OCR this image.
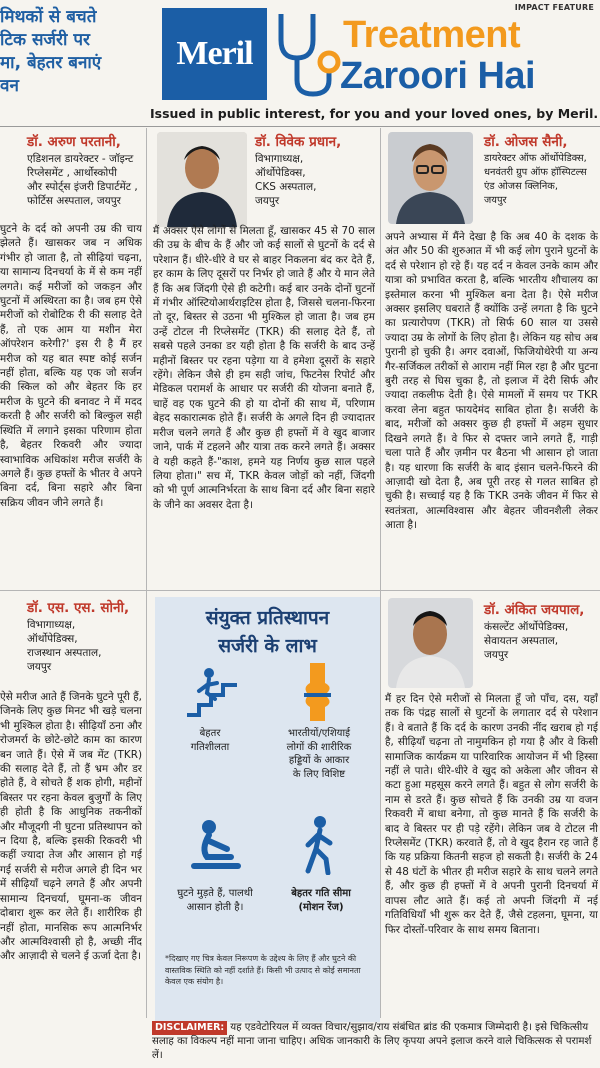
IMPACT FEATURE
मिथकों से बचते
टिक सर्जरी पर
मा, बेहतर बनाएं
वन
Meril	Treatment
Zaroori Hai
Issued in public interest, for you and your loved ones, by Meril.
डॉ. अरुण परतानी,
एडिशनल डायरेक्टर - जॉइन्ट
रिप्लेसमेंट , आर्थोस्कोपी
और स्पोर्ट्स इंजरी डिपार्टमेंट ,
फोर्टिस अस्पताल, जयपुर
घुटने के दर्द को अपनी उम्र की चाय झेलते हैं। खासकर जब न अधिक गंभीर हो जाता है, तो सीढ़ियां चढ़ना, या सामान्य दिनचर्या के में से कम नहीं लगते। कई मरीजों को जकड़न और घुटनों में अस्थिरता का है। जब हम ऐसे मरीजों को रोबोटिक री की सलाह देते हैं, तो एक आम या मशीन मेरा ऑपरेशन करेगी?' इस री है मैं हर मरीज को यह बात स्पष्ट कोई सर्जन नहीं होता, बल्कि यह एक जो सर्जन की स्किल को और बेहतर कि हर मरीज के घुटने की बनावट ने में मदद करती है और सर्जरी को बिल्कुल सही स्थिति में लगाने इसका परिणाम होता है, बेहतर रिकवरी और ज्यादा स्वाभाविक अधिकांश मरीज सर्जरी के अगले हैं। कुछ हफ्तों के भीतर वे अपने बिना दर्द, बिना सहारे और बिना सक्रिय जीवन जीने लगते हैं।
डॉ. विवेक प्रधान,
विभागाध्यक्ष,
ऑर्थोपेडिक्स,
CKS अस्पताल,
जयपुर
मैं अक्सर ऐसे लोगों से मिलता हूँ, खासकर 45 से 70 साल की उम्र के बीच के हैं और जो कई सालों से घुटनों के दर्द से परेशान हैं। धीरे-धीरे वे घर से बाहर निकलना बंद कर देते हैं, हर काम के लिए दूसरों पर निर्भर हो जाते हैं और ये मान लेते हैं कि अब जिंदगी ऐसे ही कटेगी। कई बार उनके दोनों घुटनों में गंभीर ऑस्टियोआर्थराइटिस होता है, जिससे चलना-फिरना तो दूर, बिस्तर से उठना भी मुश्किल हो जाता है। जब हम उन्हें टोटल नी रिप्लेसमेंट (TKR) की सलाह देते हैं, तो सबसे पहले उनका डर यही होता है कि सर्जरी के बाद उन्हें महीनों बिस्तर पर रहना पड़ेगा या वे हमेशा दूसरों के सहारे रहेंगे। लेकिन जैसे ही हम सही जांच, फिटनेस रिपोर्ट और मेडिकल परामर्श के आधार पर सर्जरी की योजना बनाते हैं, चाहें वह एक घुटने की हो या दोनों की साथ में, परिणाम बेहद सकारात्मक होते हैं। सर्जरी के अगले दिन ही ज्यादातर मरीज चलने लगते हैं और कुछ ही हफ्तों में वे खुद बाजार जाने, पार्क में टहलने और यात्रा तक करने लगते हैं। अक्सर वे यही कहते हैं-"काश, हमने यह निर्णय कुछ साल पहले लिया होता।" सच में, TKR केवल जोड़ों को नहीं, जिंदगी को भी पूर्ण आत्मनिर्भरता के साथ बिना दर्द और बिना सहारे के जीने का अवसर देता है।
डॉ. ओजस सैनी,
डायरेक्टर ऑफ ऑर्थोपेडिक्स,
धनवंतरी ग्रुप ऑफ हॉस्पिटल्स
एंड ओजस क्लिनिक,
जयपुर
अपने अभ्यास में मैंने देखा है कि अब 40 के दशक के अंत और 50 की शुरुआत में भी कई लोग पुराने घुटनों के दर्द से परेशान हो रहे हैं। यह दर्द न केवल उनके काम और यात्रा को प्रभावित करता है, बल्कि भारतीय शौचालय का इस्तेमाल करना भी मुश्किल बना देता है। ऐसे मरीज अक्सर इसलिए घबराते हैं क्योंकि उन्हें लगता है कि घुटने का प्रत्यारोपण (TKR) तो सिर्फ 60 साल या उससे ज्यादा उम्र के लोगों के लिए होता है। लेकिन यह सोच अब पुरानी हो चुकी है। अगर दवाओं, फिजियोथेरेपी या अन्य गैर-सर्जिकल तरीकों से आराम नहीं मिल रहा है और घुटना बुरी तरह से घिस चुका है, तो इलाज में देरी सिर्फ और ज्यादा तकलीफ देती है। ऐसे मामलों में समय पर TKR करवा लेना बहुत फायदेमंद साबित होता है। सर्जरी के बाद, मरीजों को अक्सर कुछ ही हफ्तों में अहम सुधार दिखने लगते हैं। वे फिर से दफ्तर जाने लगते हैं, गाड़ी चला पाते हैं और ज़मीन पर बैठना भी आसान हो जाता है। यह धारणा कि सर्जरी के बाद इंसान चलने-फिरने की आज़ादी खो देता है, अब पूरी तरह से गलत साबित हो चुकी है। सच्चाई यह है कि TKR उनके जीवन में फिर से स्वतंत्रता, आत्मविश्वास और बेहतर जीवनशैली लेकर आता है।
डॉ. एस. एस. सोनी,
विभागाध्यक्ष,
ऑर्थोपेडिक्स,
राजस्थान अस्पताल,
जयपुर
ऐसे मरीज आते हैं जिनके घुटने पूरी हैं, जिनके लिए कुछ मिनट भी खड़े चलना भी मुश्किल होता है। सीढ़ियाँ ठना और रोजमर्रा के छोटे-छोटे काम का कारण बन जाते हैं। ऐसे में जब मेंट (TKR) की सलाह देते हैं, तो हैं भ्रम और डर होते हैं, वे सोचते हैं शक होगी, महीनों बिस्तर पर रहना केवल बुजुर्गों के लिए ही होती है कि आधुनिक तकनीकों और मौजूदगी नी घुटना प्रतिस्थापन को न दिया है, बल्कि इसकी रिकवरी भी कहीं ज्यादा तेज और आसान हो गई गई सर्जरी से मरीज अगले ही दिन भर में सीढ़ियाँ चढ़ने लगते हैं और अपनी सामान्य दिनचर्या, घूमना-क जीवन दोबारा शुरू कर लेते हैं। शारीरिक ही नहीं होता, मानसिक रूप आत्मनिर्भर और आत्मविश्वासी हो है, अच्छी नींद और आज़ादी से चलने ई ऊर्जा देता है।
डॉ. अंकित जयपाल,
कंसल्टेंट ऑर्थोपेडिक्स,
सेवायतन अस्पताल,
जयपुर
मैं हर दिन ऐसे मरीजों से मिलता हूँ जो पाँच, दस, यहाँ तक कि पंद्रह सालों से घुटनों के लगातार दर्द से परेशान हैं। वे बताते हैं कि दर्द के कारण उनकी नींद खराब हो गई है, सीढ़ियाँ चढ़ना तो नामुमकिन हो गया है और वे किसी सामाजिक कार्यक्रम या पारिवारिक आयोजन में भी हिस्सा नहीं ले पाते। धीरे-धीरे वे खुद को अकेला और जीवन से कटा हुआ महसूस करने लगते हैं। बहुत से लोग सर्जरी के नाम से डरते हैं। कुछ सोचते हैं कि उनकी उम्र या वजन रिकवरी में बाधा बनेगा, तो कुछ मानते हैं कि सर्जरी के बाद वे बिस्तर पर ही पड़े रहेंगे। लेकिन जब वे टोटल नी रिप्लेसमेंट (TKR) करवाते हैं, तो वे खुद हैरान रह जाते हैं कि यह प्रक्रिया कितनी सहज हो सकती है। सर्जरी के 24 से 48 घंटों के भीतर ही मरीज सहारे के साथ चलने लगते हैं, और कुछ ही हफ्तों में वे अपनी पुरानी दिनचर्या में वापस लौट आते हैं। कई तो अपनी जिंदगी में नई गतिविधियाँ भी शुरू कर देते हैं, जैसे टहलना, घूमना, या फिर दोस्तों-परिवार के साथ समय बिताना।
संयुक्त प्रतिस्थापन
सर्जरी के लाभ
बेहतर
गतिशीलता
भारतीयों/एशियाई
लोगों की शारीरिक
हड्डियों के आकार
के लिए विशिष्ट
घुटने मुड़ते हैं, पालथी
आसान होती है।
बेहतर गति सीमा
(मोशन रेंज)
*दिखाए गए चित्र केवल निरूपण के उद्देश्य के लिए हैं और घुटने की वास्तविक स्थिति को नहीं दर्शाते हैं। किसी भी उत्पाद से कोई समानता केवल एक संयोग है।
DISCLAIMER: यह एडवेटोरियल में व्यक्त विचार/सुझाव/राय संबंधित ब्रांड की एकमात्र जिम्मेदारी है। इसे चिकित्सीय सलाह का विकल्प नहीं माना जाना चाहिए। अधिक जानकारी के लिए कृपया अपने इलाज करने वाले चिकित्सक से परामर्श लें।
